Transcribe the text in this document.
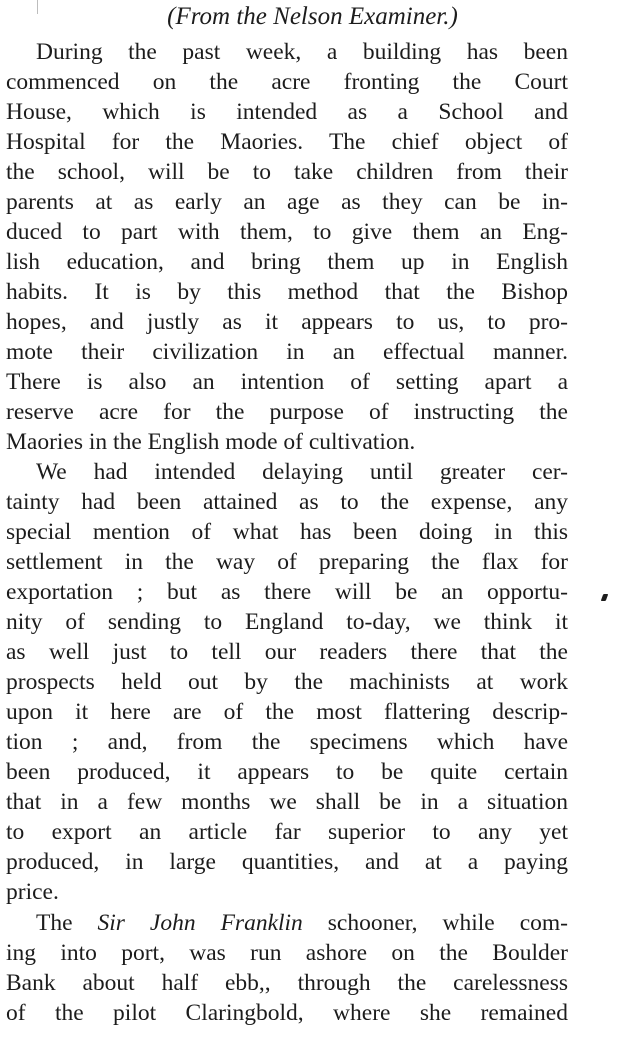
(From the Nelson Examiner.)
During the past week, a building has been
commenced on the acre fronting the Court
House, which is intended as a School and
Hospital for the Maories. The chief object of
the school, will be to take children from their
parents at as early an age as they can be in-
duced to part with them, to give them an Eng-
lish education, and bring them up in English
habits. It is by this method that the Bishop
hopes, and justly as it appears to us, to pro-
mote their civilization in an effectual manner.
There is also an intention of setting apart a
reserve acre for the purpose of instructing the
Maories in the English mode of cultivation.
We had intended delaying until greater cer-
tainty had been attained as to the expense, any
special mention of what has been doing in this
settlement in the way of preparing the flax for
exportation ; but as there will be an opportu-
nity of sending to England to-day, we think it
as well just to tell our readers there that the
prospects held out by the machinists at work
upon it here are of the most flattering descrip-
tion ; and, from the specimens which have
been produced, it appears to be quite certain
that in a few months we shall be in a situation
to export an article far superior to any yet
produced, in large quantities, and at a paying
price.
The Sir John Franklin schooner, while com-
ing into port, was run ashore on the Boulder
Bank about half ebb,, through the carelessness
of the pilot Claringbold, where she remained
